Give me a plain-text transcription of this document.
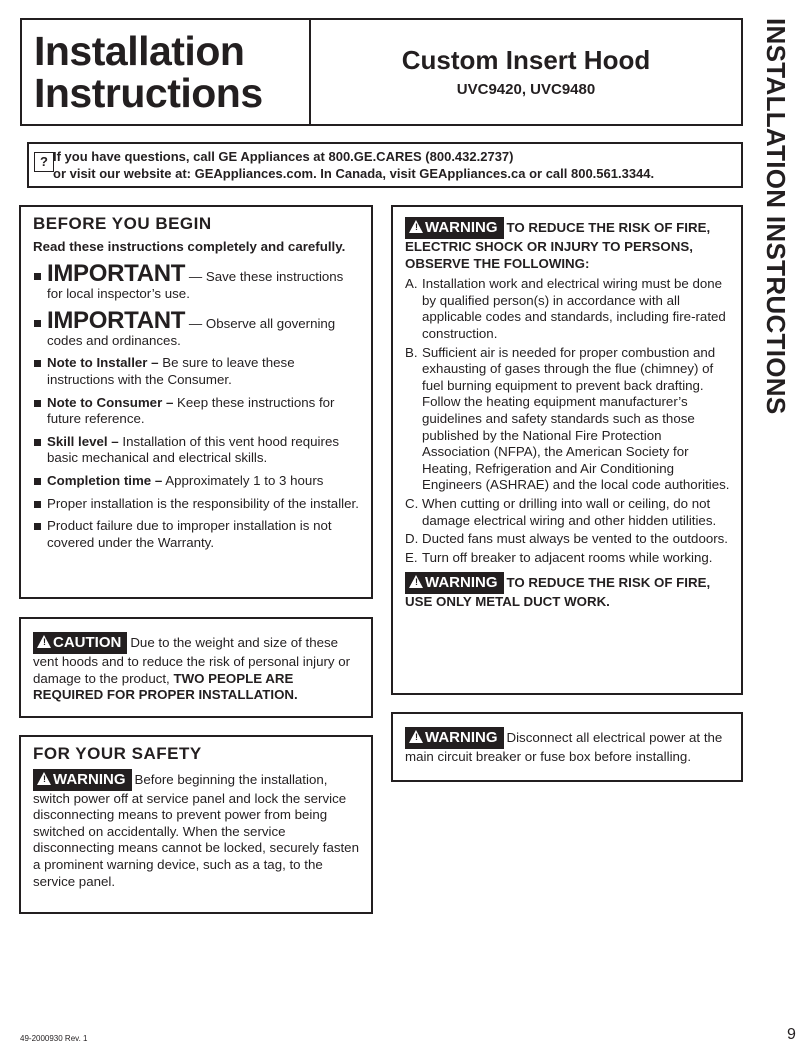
Installation
Instructions
Custom Insert Hood
UVC9420, UVC9480	INSTALLATION INSTRUCTIONS
? If you have questions, call GE Appliances at 800.GE.CARES (800.432.2737)
or visit our website at: GEAppliances.com. In Canada, visit GEAppliances.ca or call 800.561.3344.
BEFORE YOU BEGIN
Read these instructions completely and carefully.
IMPORTANT — Save these instructions for local inspector’s use.
IMPORTANT — Observe all governing codes and ordinances.
Note to Installer – Be sure to leave these instructions with the Consumer.
Note to Consumer – Keep these instructions for future reference.
Skill level – Installation of this vent hood requires basic mechanical and electrical skills.
Completion time – Approximately 1 to 3 hours
Proper installation is the responsibility of the installer.
Product failure due to improper installation is not covered under the Warranty.
! CAUTION Due to the weight and size of these vent hoods and to reduce the risk of personal injury or damage to the product, TWO PEOPLE ARE REQUIRED FOR PROPER INSTALLATION.
FOR YOUR SAFETY
! WARNING Before beginning the installation, switch power off at service panel and lock the service disconnecting means to prevent power from being switched on accidentally. When the service disconnecting means cannot be locked, securely fasten a prominent warning device, such as a tag, to the service panel.
! WARNING TO REDUCE THE RISK OF FIRE, ELECTRIC SHOCK OR INJURY TO PERSONS, OBSERVE THE FOLLOWING:
A. Installation work and electrical wiring must be done by qualified person(s) in accordance with all applicable codes and standards, including fire-rated construction.
B. Sufficient air is needed for proper combustion and exhausting of gases through the flue (chimney) of fuel burning equipment to prevent back drafting. Follow the heating equipment manufacturer’s guidelines and safety standards such as those published by the National Fire Protection Association (NFPA), the American Society for Heating, Refrigeration and Air Conditioning Engineers (ASHRAE) and the local code authorities.
C. When cutting or drilling into wall or ceiling, do not damage electrical wiring and other hidden utilities.
D. Ducted fans must always be vented to the outdoors.
E. Turn off breaker to adjacent rooms while working.
! WARNING TO REDUCE THE RISK OF FIRE, USE ONLY METAL DUCT WORK.
! WARNING Disconnect all electrical power at the main circuit breaker or fuse box before installing.
49-2000930 Rev. 1	9
